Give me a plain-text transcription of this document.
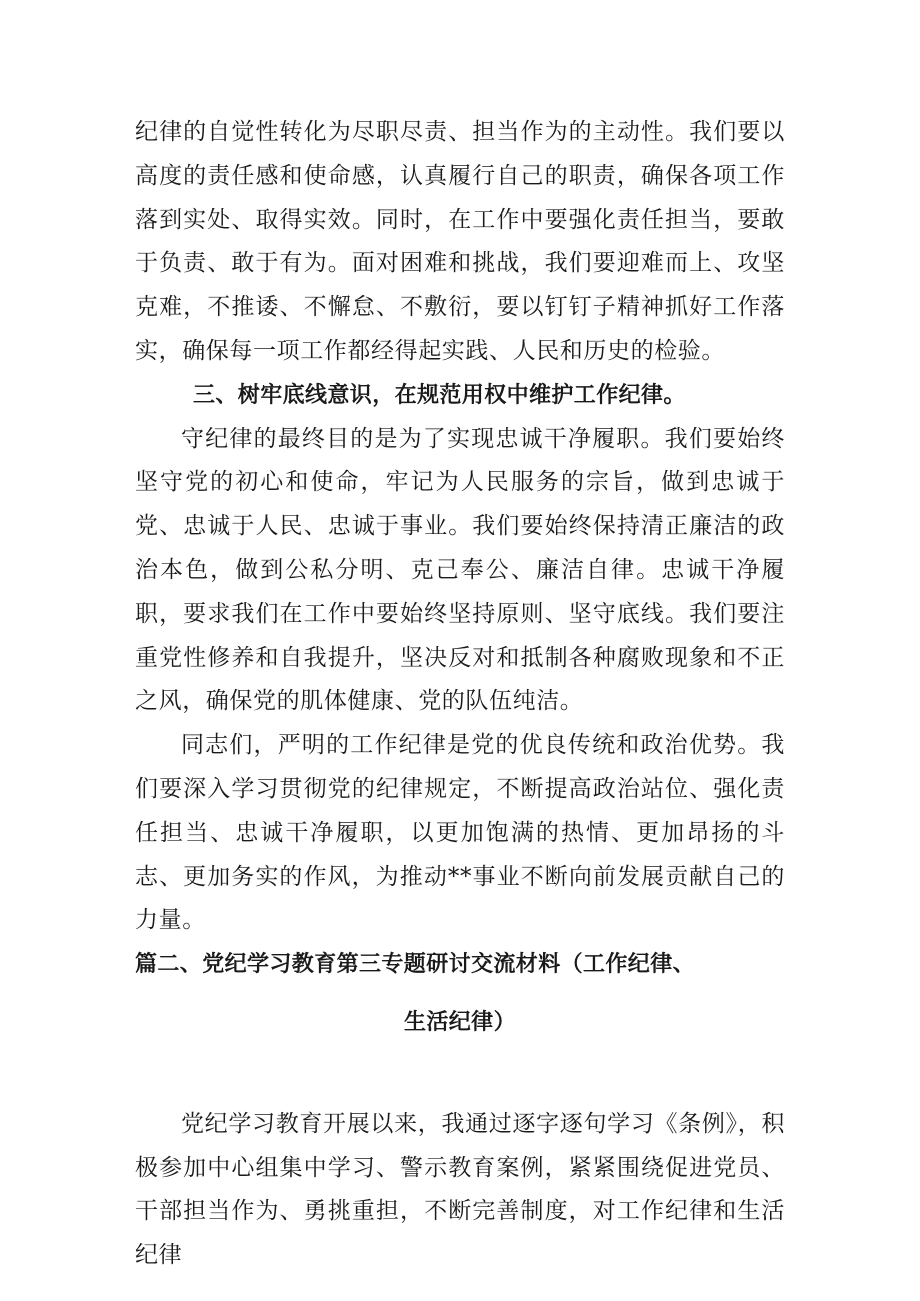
纪律的自觉性转化为尽职尽责、担当作为的主动性。我们要以高度的责任感和使命感，认真履行自己的职责，确保各项工作落到实处、取得实效。同时，在工作中要强化责任担当，要敢于负责、敢于有为。面对困难和挑战，我们要迎难而上、攻坚克难，不推诿、不懈怠、不敷衍，要以钉钉子精神抓好工作落实，确保每一项工作都经得起实践、人民和历史的检验。

三、树牢底线意识，在规范用权中维护工作纪律。

守纪律的最终目的是为了实现忠诚干净履职。我们要始终坚守党的初心和使命，牢记为人民服务的宗旨，做到忠诚于党、忠诚于人民、忠诚于事业。我们要始终保持清正廉洁的政治本色，做到公私分明、克己奉公、廉洁自律。忠诚干净履职，要求我们在工作中要始终坚持原则、坚守底线。我们要注重党性修养和自我提升，坚决反对和抵制各种腐败现象和不正之风，确保党的肌体健康、党的队伍纯洁。

同志们，严明的工作纪律是党的优良传统和政治优势。我们要深入学习贯彻党的纪律规定，不断提高政治站位、强化责任担当、忠诚干净履职，以更加饱满的热情、更加昂扬的斗志、更加务实的作风，为推动**事业不断向前发展贡献自己的力量。

篇二、党纪学习教育第三专题研讨交流材料（工作纪律、

生活纪律）

党纪学习教育开展以来，我通过逐字逐句学习《条例》，积极参加中心组集中学习、警示教育案例，紧紧围绕促进党员、干部担当作为、勇挑重担，不断完善制度，对工作纪律和生活纪律
